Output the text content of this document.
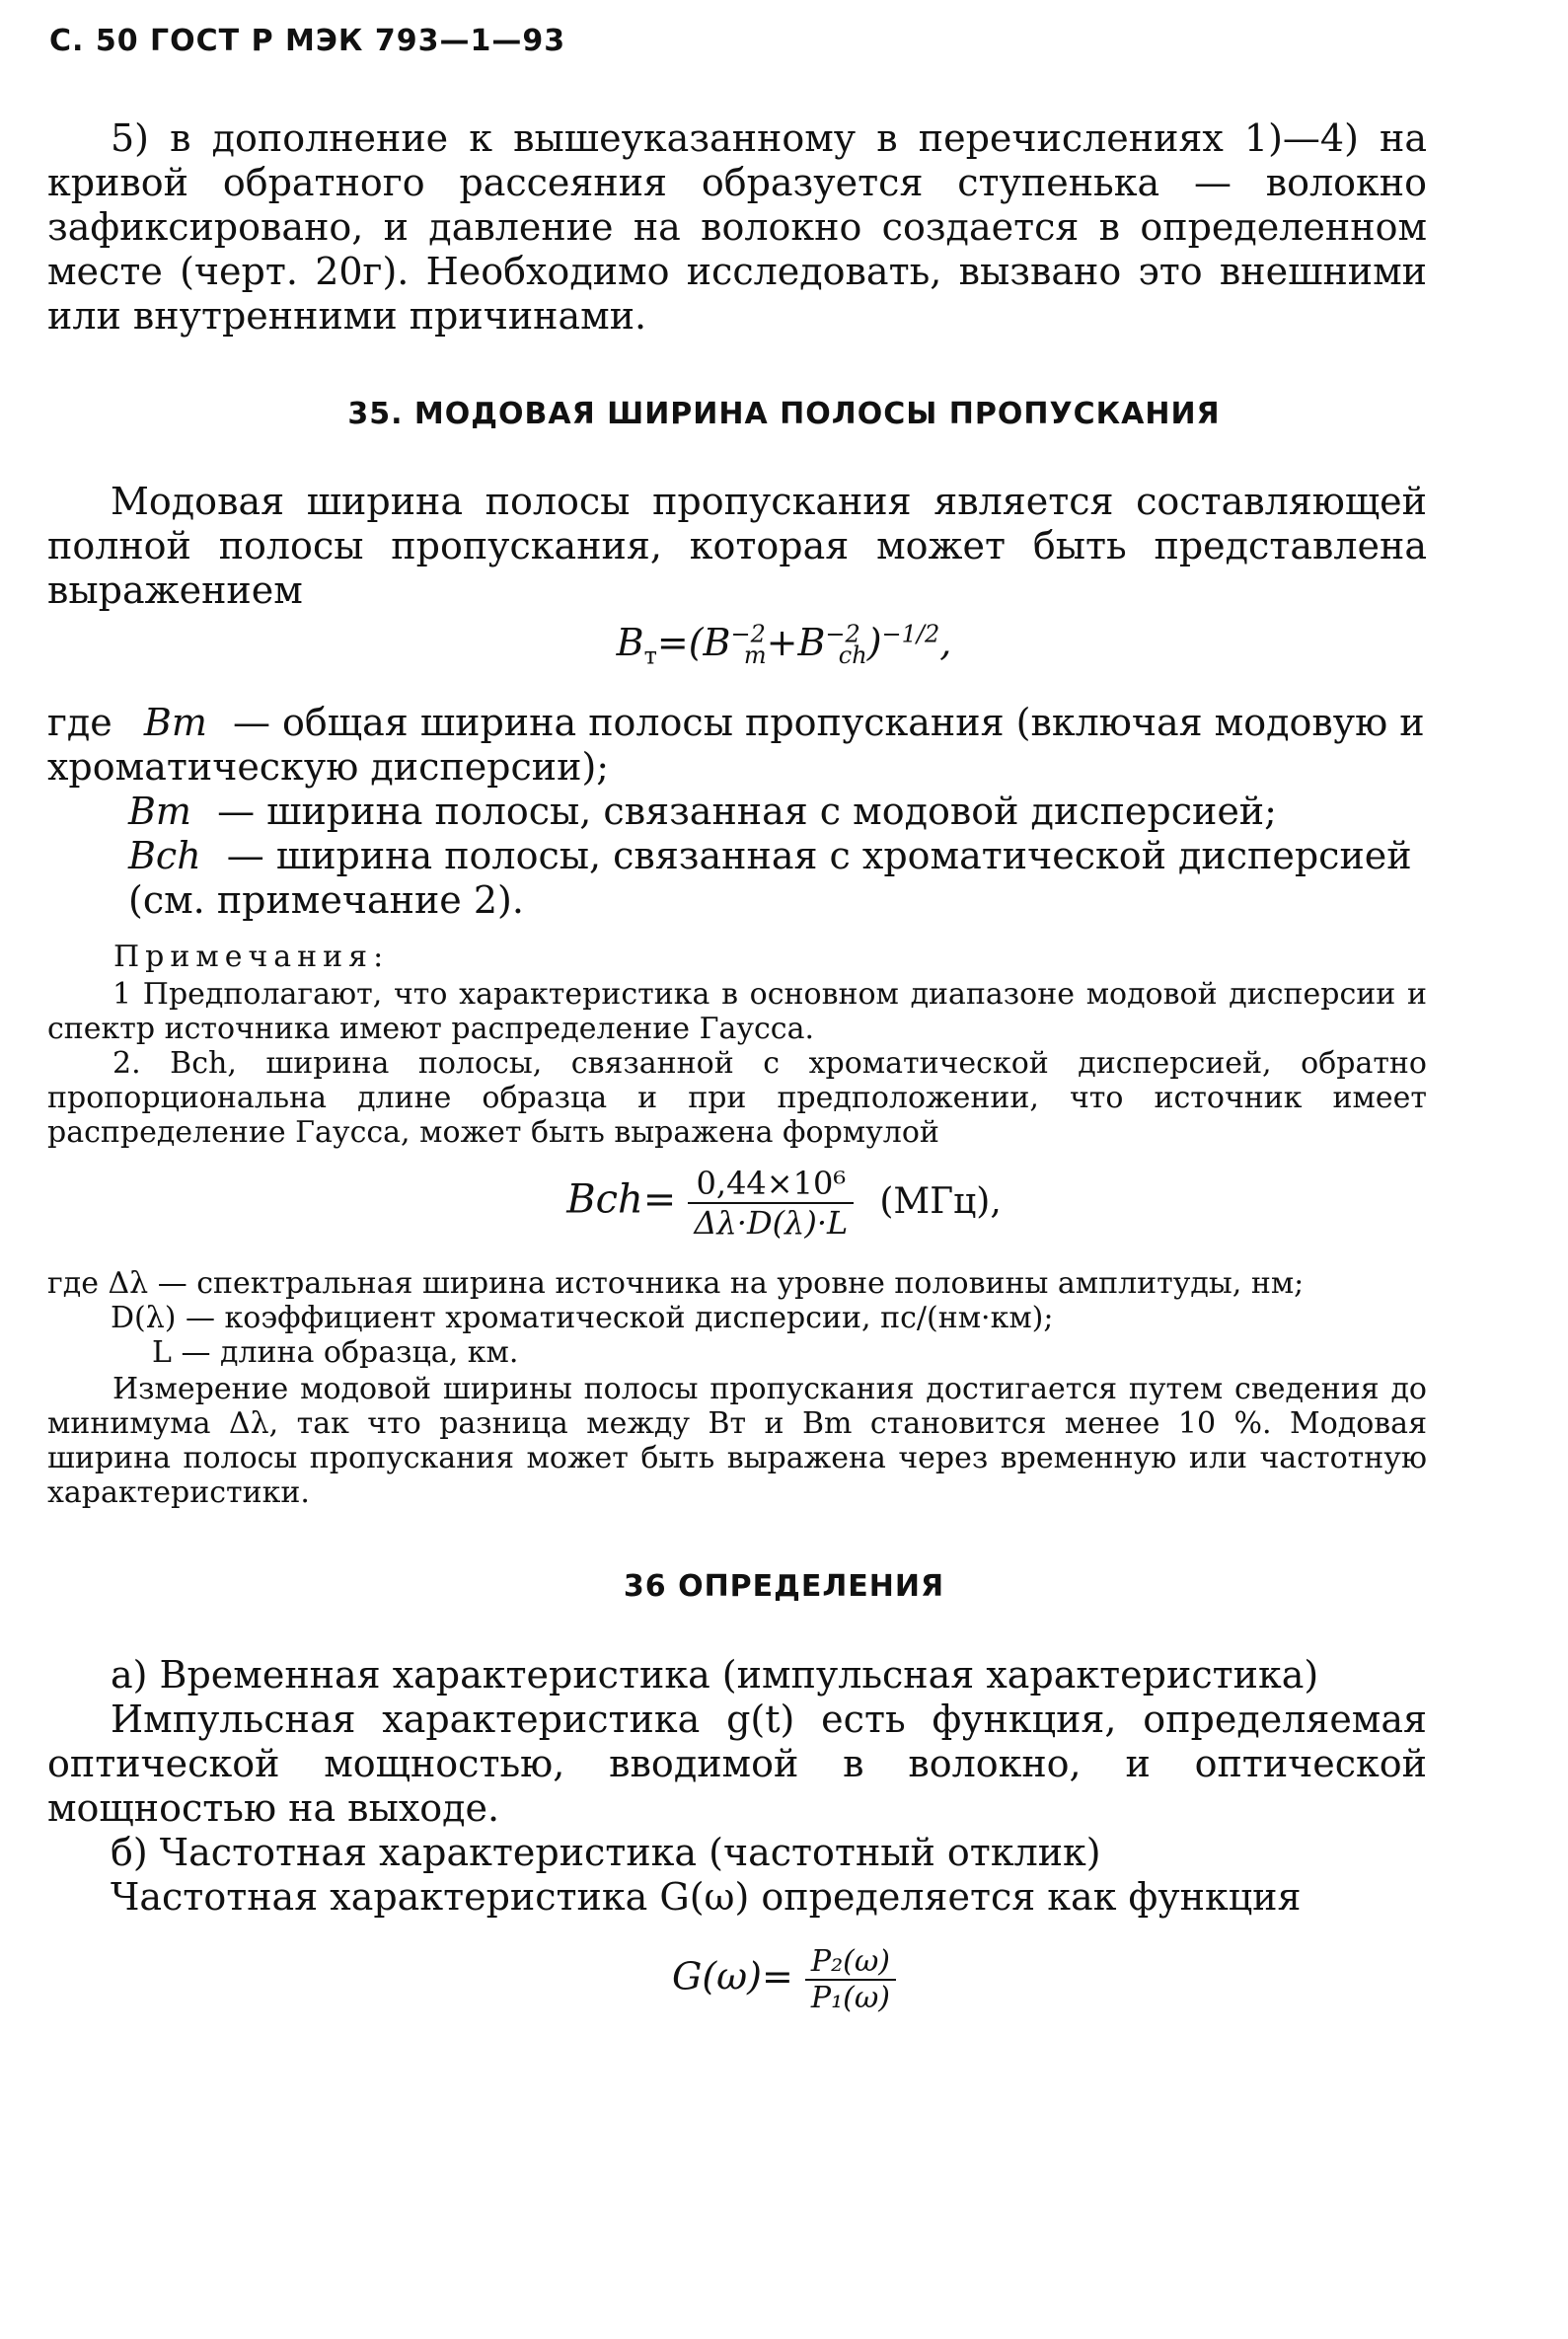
С. 50 ГОСТ Р МЭК 793—1—93

5) в дополнение к вышеуказанному в перечислениях 1)—4) на кривой обратного рассеяния образуется ступенька — волокно зафиксировано, и давление на волокно создается в определенном месте (черт. 20г). Необходимо исследовать, вызвано это внешними или внутренними причинами.

35. МОДОВАЯ ШИРИНА ПОЛОСЫ ПРОПУСКАНИЯ

Модовая ширина полосы пропускания является составляющей полной полосы пропускания, которая может быть представлена выражением

$B_т=(B^{-2}_m+B^{-2}_{ch})^{-1/2}$,
где Bт — общая ширина полосы пропускания (включая модовую и хроматическую дисперсии);
Bm — ширина полосы, связанная с модовой дисперсией;
Bch — ширина полосы, связанная с хроматической дисперсией (см. примечание 2).
Примечания:

1 Предполагают, что характеристика в основном диапазоне модовой дисперсии и спектр источника имеют распределение Гаусса.

2. Bch, ширина полосы, связанной с хроматической дисперсией, обратно пропорциональна длине образца и при предположении, что источник имеет распределение Гаусса, может быть выражена формулой

$Bch= \frac{\text{0,44×10⁶}}{\Delta\lambda\cdot D(\lambda)\cdot L} (МГц)$,
где Δλ — спектральная ширина источника на уровне половины амплитуды, нм;
D(λ) — коэффициент хроматической дисперсии, пс/(нм·км);
L — длина образца, км.

Измерение модовой ширины полосы пропускания достигается путем сведения до минимума Δλ, так что разница между Bт и Bm становится менее 10 %. Модовая ширина полосы пропускания может быть выражена через временную или частотную характеристики.

36 ОПРЕДЕЛЕНИЯ

а) Временная характеристика (импульсная характеристика)

Импульсная характеристика g(t) есть функция, определяемая оптической мощностью, вводимой в волокно, и оптической мощностью на выходе.

б) Частотная характеристика (частотный отклик)

Частотная характеристика G(ω) определяется как функция

$G(\omega)= \frac{\text{P₂(ω)}}{\text{P₁(ω)}}$
